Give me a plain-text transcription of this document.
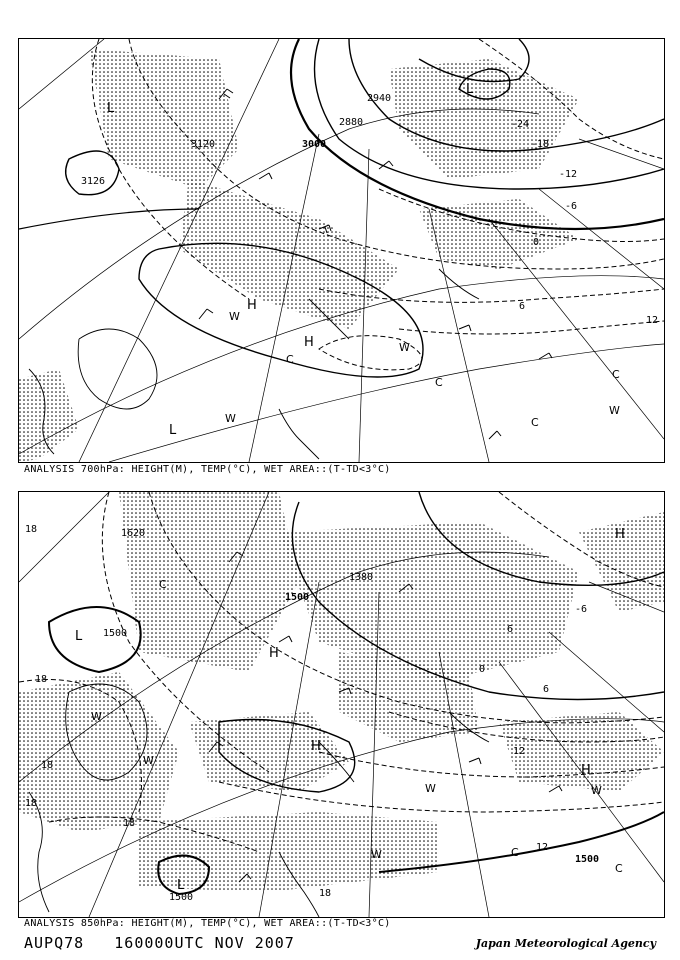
3120
3126
3000
2880
2940
-24
-18
-12
-6
0
6
12
L
L
H
H
L
C
C
C
C
W
W
W
W
ANALYSIS 700hPa: HEIGHT(M), TEMP(°C), WET AREA::(T-TD<3°C)
1620
1500
1500
1380
1500
1500
18
18
18
18
12
18
6
18
12
6
-6
0
L
H
H
H
L
H
C
C
C
W
W
W
W
W
ANALYSIS 850hPa: HEIGHT(M), TEMP(°C), WET AREA::(T-TD<3°C)
AUPQ78   160000UTC NOV 2007	Japan Meteorological Agency
